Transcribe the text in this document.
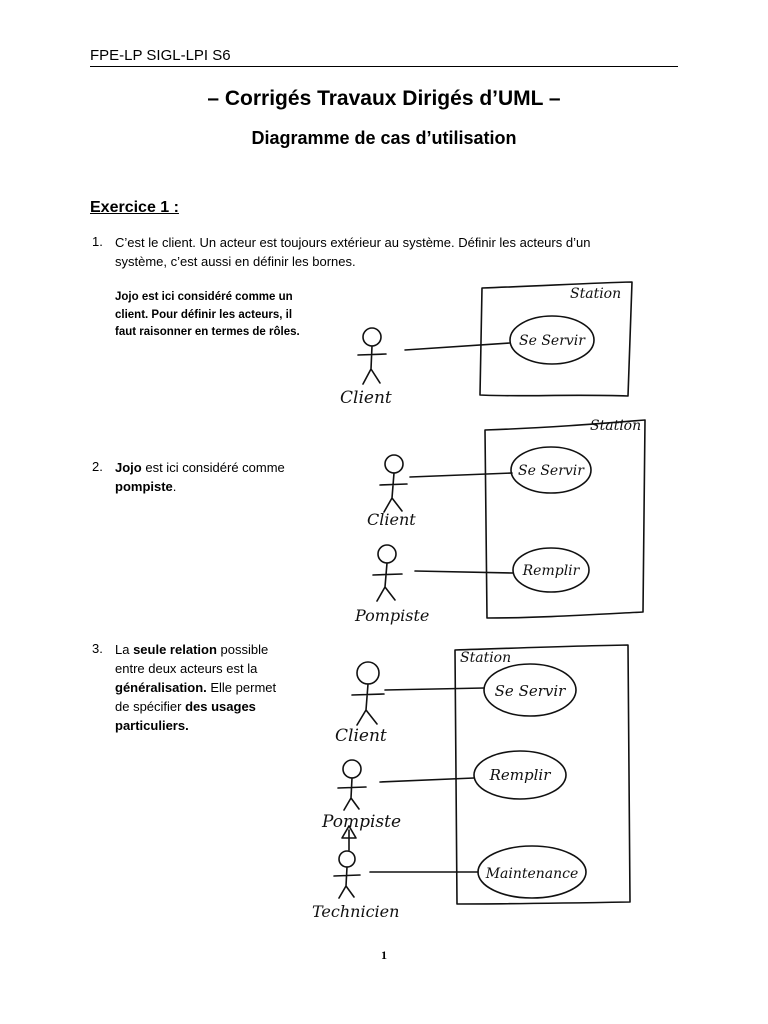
FPE-LP SIGL-LPI S6
– Corrigés Travaux Dirigés d’UML –
Diagramme de cas d’utilisation
Exercice 1 :
1. C’est le client. Un acteur est toujours extérieur au système. Définir les acteurs d’un
système, c’est aussi en définir les bornes.
Jojo est ici considéré comme un client. Pour définir les acteurs, il faut raisonner en termes de rôles.
2. Jojo est ici considéré comme
pompiste.
3. La seule relation possible
entre deux acteurs est la
généralisation. Elle permet
de spécifier des usages
particuliers.
Station
Se Servir
Client
Station
Se Servir
Remplir
Client
Pompiste
Station
Se Servir
Remplir
Maintenance
Client
Pompiste
Technicien
1
